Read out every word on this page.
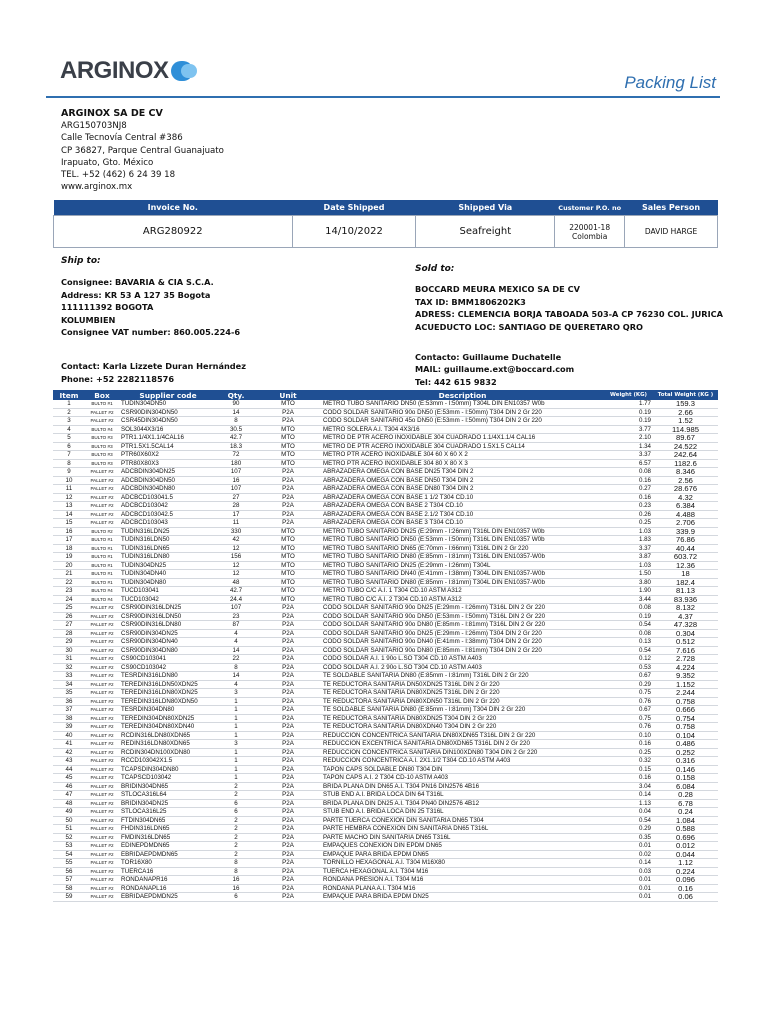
ARGINOX	Packing List
ARGINOX SA DE CV
ARG150703NJ8
Calle Tecnovía Central #386
CP 36827, Parque Central Guanajuato
Irapuato, Gto. México
TEL. +52 (462) 6 24 39 18
www.arginox.mx
Invoice No.	Date Shipped	Shipped Via	Customer P.O. no	Sales Person
ARG280922	14/10/2022	Seafreight	220001-18
Colombia	DAVID HARGE
Ship to:
Consignee: BAVARIA & CIA S.C.A.
Address: KR 53 A 127 35 Bogota
111111392 BOGOTA
KOLUMBIEN
Consignee VAT number: 860.005.224-6
Contact: Karla Lizzete Duran Hernández
Phone: +52 2282118576
Sold to:
BOCCARD MEURA MEXICO SA DE CV
TAX ID: BMM1806202K3
ADRESS: CLEMENCIA BORJA TABOADA 503-A CP 76230 COL. JURICA
ACUEDUCTO LOC: SANTIAGO DE QUERETARO QRO
Contacto: Guillaume Duchatelle
MAIL: guillaume.ext@boccard.com
Tel: 442 615 9832
Item	Box	Supplier code	Qty.	Unit	Description	Weight (KG)	Total Weight (KG )
1	BULTO #1	TUDIN304DN50	90	MTO	METRO TUBO SANITARIO DN50 (E:53mm - I:50mm) T304L DIN EN10357 W0b	1.77	159.3
2	PALLET #2	CSR90DIN304DN50	14	P2A	CODO SOLDAR SANITARIO 90o DN50 (E:53mm - I:50mm) T304 DIN 2 Gr 220	0.19	2.66
3	PALLET #2	CSR45DIN304DN50	8	P2A	CODO SOLDAR SANITARIO 45o DN50 (E:53mm - I:50mm) T304 DIN 2 Gr 220	0.19	1.52
4	BULTO #4	SOL3044X3/16	30.5	MTO	METRO SOLERA A.I. T304 4X3/16	3.77	114.985
5	BULTO #3	PTR1.1/4X1.1/4CAL16	42.7	MTO	METRO DE PTR ACERO INOXIDABLE 304 CUADRADO 1.1/4X1.1/4 CAL16	2.10	89.67
6	BULTO #3	PTR1.5X1.5CAL14	18.3	MTO	METRO DE PTR ACERO INOXIDABLE 304 CUADRADO 1.5X1.5 CAL14	1.34	24.522
7	BULTO #3	PTR60X60X2	72	MTO	METRO PTR ACERO INOXIDABLE 304 60 X 60 X 2	3.37	242.64
8	BULTO #3	PTR80X80X3	180	MTO	METRO PTR ACERO INOXIDABLE 304 80 X 80 X 3	6.57	1182.6
9	PALLET #2	ADCBDIN304DN25	107	P2A	ABRAZADERA OMEGA CON BASE DN25 T304 DIN 2	0.08	8.346
10	PALLET #2	ADCBDIN304DN50	16	P2A	ABRAZADERA OMEGA CON BASE DN50 T304 DIN 2	0.16	2.56
11	PALLET #2	ADCBDIN304DN80	107	P2A	ABRAZADERA OMEGA CON BASE DN80 T304 DIN 2	0.27	28.676
12	PALLET #2	ADCBCD103041.5	27	P2A	ABRAZADERA OMEGA CON BASE 1 1/2 T304 CD.10	0.16	4.32
13	PALLET #2	ADCBCD103042	28	P2A	ABRAZADERA OMEGA CON BASE 2 T304 CD.10	0.23	6.384
14	PALLET #2	ADCBCD103042.5	17	P2A	ABRAZADERA OMEGA CON BASE 2.1/2 T304 CD.10	0.26	4.488
15	PALLET #2	ADCBCD103043	11	P2A	ABRAZADERA OMEGA CON BASE 3 T304 CD.10	0.25	2.706
16	BULTO #2	TUDIN316LDN25	330	MTO	METRO TUBO SANITARIO DN25 (E:29mm - I:26mm) T316L DIN EN10357 W0b	1.03	339.9
17	BULTO #1	TUDIN316LDN50	42	MTO	METRO TUBO SANITARIO DN50 (E:53mm - I:50mm) T316L DIN EN10357 W0b	1.83	76.86
18	BULTO #1	TUDIN316LDN65	12	MTO	METRO TUBO SANITARIO DN65 (E:70mm - I:66mm) T316L DIN 2 Gr 220	3.37	40.44
19	BULTO #1	TUDIN316LDN80	156	MTO	METRO TUBO SANITARIO DN80 (E:85mm - I:81mm) T316L DIN EN10357-W0b	3.87	603.72
20	BULTO #1	TUDIN304DN25	12	MTO	METRO TUBO SANITARIO DN25 (E:29mm - I:26mm) T304L	1.03	12.36
21	BULTO #1	TUDIN304DN40	12	MTO	METRO TUBO SANITARIO DN40 (E:41mm - I:38mm) T304L DIN EN10357-W0b	1.50	18
22	BULTO #1	TUDIN304DN80	48	MTO	METRO TUBO SANITARIO DN80 (E:85mm - I:81mm) T304L DIN EN10357-W0b	3.80	182.4
23	BULTO #4	TUCD103041	42.7	MTO	METRO TUBO C/C A.I. 1 T304 CD.10 ASTM A312	1.90	81.13
24	BULTO #4	TUCD103042	24.4	MTO	METRO TUBO C/C A.I. 2 T304 CD.10 ASTM A312	3.44	83.936
25	PALLET #2	CSR90DIN316LDN25	107	P2A	CODO SOLDAR SANITARIO 90o DN25 (E:29mm - I:26mm) T316L DIN 2 Gr 220	0.08	8.132
26	PALLET #2	CSR90DIN316LDN50	23	P2A	CODO SOLDAR SANITARIO 90o DN50 (E:53mm - I:50mm) T316L DIN 2 Gr 220	0.19	4.37
27	PALLET #2	CSR90DIN316LDN80	87	P2A	CODO SOLDAR SANITARIO 90o DN80 (E:85mm - I:81mm) T316L DIN 2 Gr 220	0.54	47.328
28	PALLET #2	CSR90DIN304DN25	4	P2A	CODO SOLDAR SANITARIO 90o DN25 (E:29mm - I:26mm) T304 DIN 2 Gr 220	0.08	0.304
29	PALLET #2	CSR90DIN304DN40	4	P2A	CODO SOLDAR SANITARIO 90o DN40 (E:41mm - I:38mm) T304 DIN 2 Gr 220	0.13	0.512
30	PALLET #2	CSR90DIN304DN80	14	P2A	CODO SOLDAR SANITARIO 90o DN80 (E:85mm - I:81mm) T304 DIN 2 Gr 220	0.54	7.616
31	PALLET #2	CS90CD103041	22	P2A	CODO SOLDAR A.I. 1 90o L.SO T304 CD.10 ASTM A403	0.12	2.728
32	PALLET #2	CS90CD103042	8	P2A	CODO SOLDAR A.I. 2 90o L.SO T304 CD.10 ASTM A403	0.53	4.224
33	PALLET #2	TESRDIN316LDN80	14	P2A	TE SOLDABLE SANITARIA DN80 (E:85mm - I:81mm) T316L DIN 2 Gr 220	0.67	9.352
34	PALLET #2	TEREDIN316LDN50XDN25	4	P2A	TE REDUCTORA SANITARIA DN50XDN25 T316L DIN 2 Gr 220	0.29	1.152
35	PALLET #2	TEREDIN316LDN80XDN25	3	P2A	TE REDUCTORA SANITARIA DN80XDN25 T316L DIN 2 Gr 220	0.75	2.244
36	PALLET #2	TEREDIN316LDN80XDN50	1	P2A	TE REDUCTORA SANITARIA DN80XDN50 T316L DIN 2 Gr 220	0.76	0.758
37	PALLET #2	TESRDIN304DN80	1	P2A	TE SOLDABLE SANITARIA DN80 (E:85mm - I:81mm) T304 DIN 2 Gr 220	0.67	0.666
38	PALLET #2	TEREDIN304DN80XDN25	1	P2A	TE REDUCTORA SANITARIA DN80XDN25 T304 DIN 2 Gr 220	0.75	0.754
39	PALLET #2	TEREDIN304DN80XDN40	1	P2A	TE REDUCTORA SANITARIA DN80XDN40 T304 DIN 2 Gr 220	0.76	0.758
40	PALLET #2	RCDIN316LDN80XDN65	1	P2A	REDUCCION CONCENTRICA SANITARIA DN80XDN65 T316L DIN 2 Gr 220	0.10	0.104
41	PALLET #2	REDIN316LDN80XDN65	3	P2A	REDUCCION EXCENTRICA SANITARIA DN80XDN65 T316L DIN 2 Gr 220	0.16	0.486
42	PALLET #2	RCDIN304DN100XDN80	1	P2A	REDUCCION CONCENTRICA SANITARIA DIN100XDN80 T304 DIN 2 Gr 220	0.25	0.252
43	PALLET #2	RCCD103042X1.5	1	P2A	REDUCCION CONCENTRICA A.I. 2X1.1/2 T304 CD.10 ASTM A403	0.32	0.316
44	PALLET #2	TCAPSDIN304DN80	1	P2A	TAPON CAPS SOLDABLE DN80 T304 DIN	0.15	0.146
45	PALLET #2	TCAPSCD103042	1	P2A	TAPON CAPS A.I. 2 T304 CD-10 ASTM A403	0.16	0.158
46	PALLET #2	BRIDIN304DN65	2	P2A	BRIDA PLANA DIN DN65 A.I. T304 PN16 DIN2576 4B16	3.04	6.084
47	PALLET #2	STLOCA316L64	2	P2A	STUB END A.I. BRIDA LOCA DIN 64 T316L	0.14	0.28
48	PALLET #2	BRIDIN304DN25	6	P2A	BRIDA PLANA DIN DN25 A.I. T304 PN40 DIN2576 4B12	1.13	6.78
49	PALLET #2	STLOCA316L25	6	P2A	STUB END A.I. BRIDA LOCA DIN 25 T316L	0.04	0.24
50	PALLET #2	FTDIN304DN65	2	P2A	PARTE TUERCA CONEXION DIN SANITARIA DN65 T304	0.54	1.084
51	PALLET #2	FHDIN316LDN65	2	P2A	PARTE HEMBRA CONEXION DIN SANITARIA DN65 T316L	0.29	0.588
52	PALLET #2	FMDIN316LDN65	2	P2A	PARTE MACHO DIN SANITARIA DN65 T316L	0.35	0.696
53	PALLET #2	EDINEPDMDN65	2	P2A	EMPAQUES CONEXION DIN EPDM DN65	0.01	0.012
54	PALLET #2	EBRIDAEPDMDN65	2	P2A	EMPAQUE PARA BRIDA EPDM DN65	0.02	0.044
55	PALLET #2	TOR16X80	8	P2A	TORNILLO HEXAGONAL A.I. T304 M16X80	0.14	1.12
56	PALLET #2	TUERCA16	8	P2A	TUERCA HEXAGONAL A.I. T304 M16	0.03	0.224
57	PALLET #2	RONDANAPR16	16	P2A	RONDANA PRESION A.I. T304 M16	0.01	0.096
58	PALLET #2	RONDANAPL16	16	P2A	RONDANA PLANA A.I. T304 M16	0.01	0.16
59	PALLET #2	EBRIDAEPDMDN25	6	P2A	EMPAQUE PARA BRIDA EPDM DN25	0.01	0.06
